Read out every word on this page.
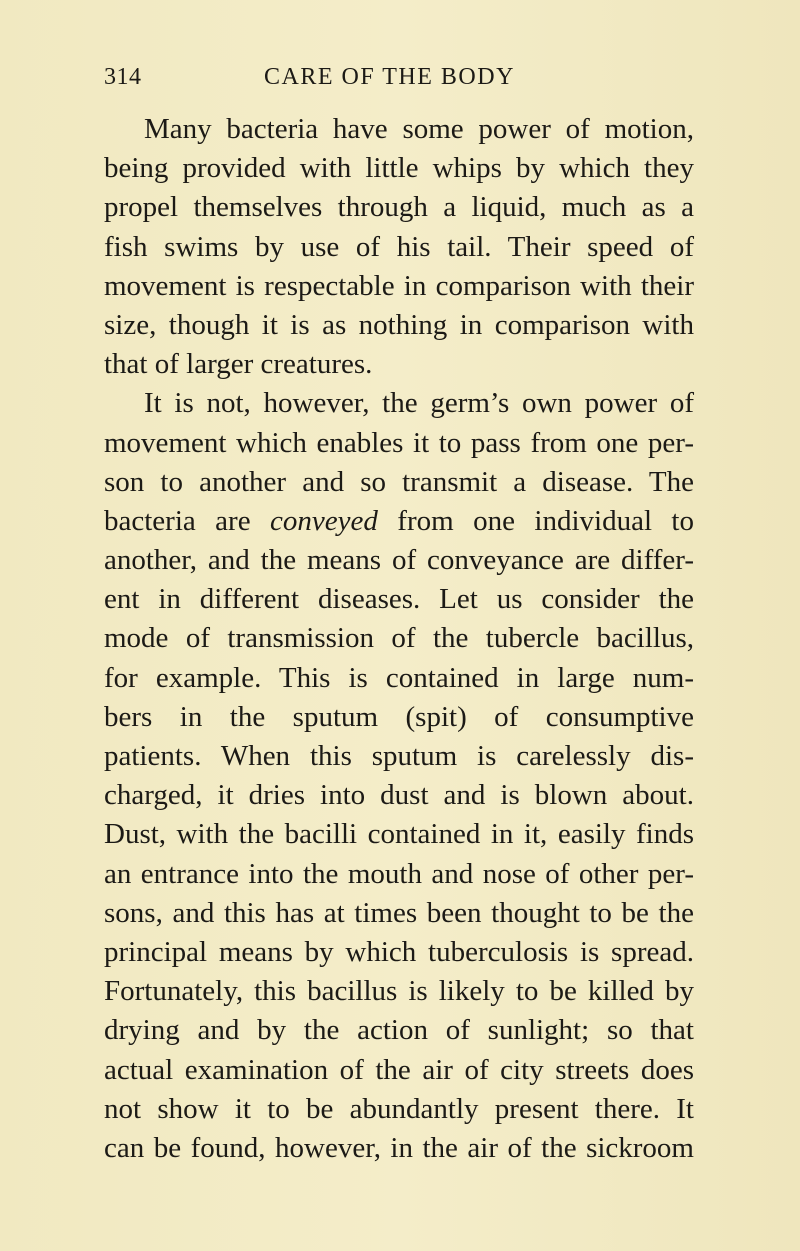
314	CARE OF THE BODY
Many bacteria have some power of motion,
being provided with little whips by which they
propel themselves through a liquid, much as a
fish swims by use of his tail. Their speed of
movement is respectable in comparison with their
size, though it is as nothing in comparison with
that of larger creatures.
It is not, however, the germ’s own power of
movement which enables it to pass from one per-
son to another and so transmit a disease. The
bacteria are conveyed from one individual to
another, and the means of conveyance are differ-
ent in different diseases. Let us consider the
mode of transmission of the tubercle bacillus,
for example. This is contained in large num-
bers in the sputum (spit) of consumptive
patients. When this sputum is carelessly dis-
charged, it dries into dust and is blown about.
Dust, with the bacilli contained in it, easily finds
an entrance into the mouth and nose of other per-
sons, and this has at times been thought to be the
principal means by which tuberculosis is spread.
Fortunately, this bacillus is likely to be killed by
drying and by the action of sunlight; so that
actual examination of the air of city streets does
not show it to be abundantly present there. It
can be found, however, in the air of the sickroom
